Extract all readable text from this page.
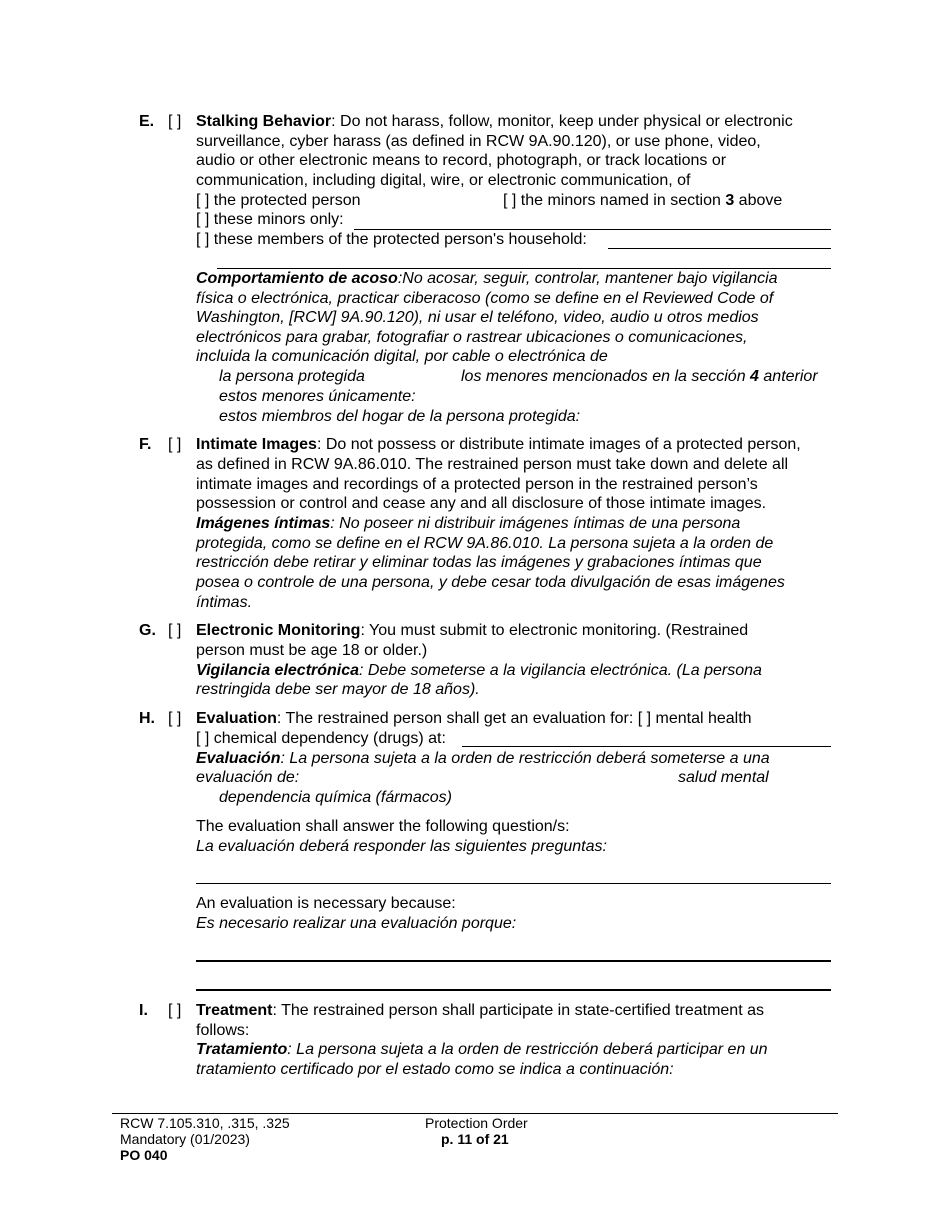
E. [ ] Stalking Behavior: Do not harass, follow, monitor, keep under physical or electronic
surveillance, cyber harass (as defined in RCW 9A.90.120), or use phone, video,
audio or other electronic means to record, photograph, or track locations or
communication, including digital, wire, or electronic communication, of
[ ] the protected person	[ ] the minors named in section 3 above
[ ] these minors only:
[ ] these members of the protected person's household:
Comportamiento de acoso:No acosar, seguir, controlar, mantener bajo vigilancia
física o electrónica, practicar ciberacoso (como se define en el Reviewed Code of
Washington, [RCW] 9A.90.120), ni usar el teléfono, video, audio u otros medios
electrónicos para grabar, fotografiar o rastrear ubicaciones o comunicaciones,
incluida la comunicación digital, por cable o electrónica de
la persona protegida	los menores mencionados en la sección 4 anterior
estos menores únicamente:
estos miembros del hogar de la persona protegida:
F. [ ] Intimate Images: Do not possess or distribute intimate images of a protected person,
as defined in RCW 9A.86.010. The restrained person must take down and delete all
intimate images and recordings of a protected person in the restrained person’s
possession or control and cease any and all disclosure of those intimate images.
Imágenes íntimas: No poseer ni distribuir imágenes íntimas de una persona
protegida, como se define en el RCW 9A.86.010. La persona sujeta a la orden de
restricción debe retirar y eliminar todas las imágenes y grabaciones íntimas que
posea o controle de una persona, y debe cesar toda divulgación de esas imágenes
íntimas.
G. [ ] Electronic Monitoring: You must submit to electronic monitoring. (Restrained
person must be age 18 or older.)
Vigilancia electrónica: Debe someterse a la vigilancia electrónica. (La persona
restringida debe ser mayor de 18 años).
H. [ ] Evaluation: The restrained person shall get an evaluation for: [ ] mental health
[ ] chemical dependency (drugs) at:
Evaluación: La persona sujeta a la orden de restricción deberá someterse a una
evaluación de:	salud mental
dependencia química (fármacos)
The evaluation shall answer the following question/s:
La evaluación deberá responder las siguientes preguntas:
An evaluation is necessary because:
Es necesario realizar una evaluación porque:
I. [ ] Treatment: The restrained person shall participate in state-certified treatment as
follows:
Tratamiento: La persona sujeta a la orden de restricción deberá participar en un
tratamiento certificado por el estado como se indica a continuación:
RCW 7.105.310, .315, .325
Mandatory (01/2023)
PO 040
Protection Order
p. 11 of 21
